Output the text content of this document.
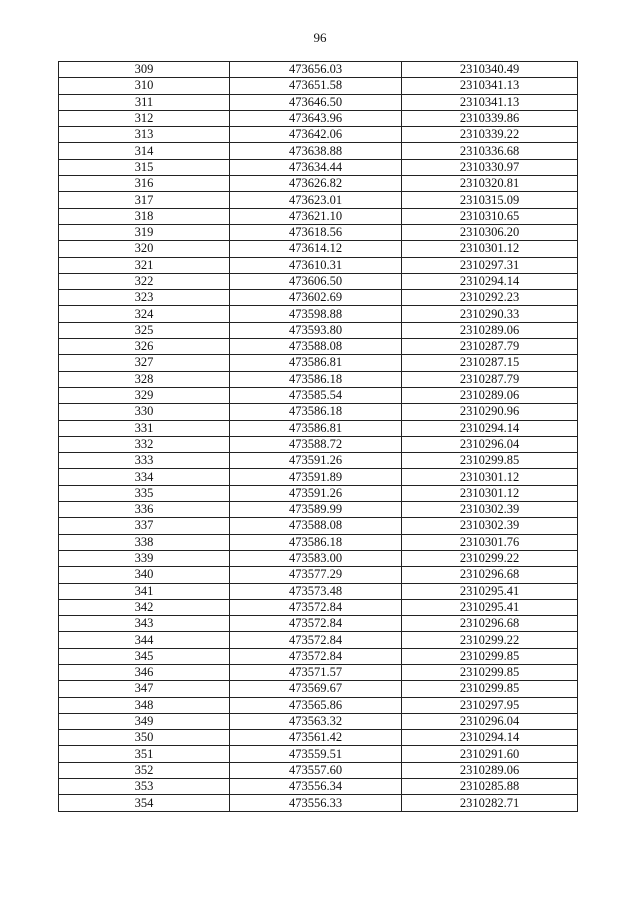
96
309	473656.03	2310340.49
310	473651.58	2310341.13
311	473646.50	2310341.13
312	473643.96	2310339.86
313	473642.06	2310339.22
314	473638.88	2310336.68
315	473634.44	2310330.97
316	473626.82	2310320.81
317	473623.01	2310315.09
318	473621.10	2310310.65
319	473618.56	2310306.20
320	473614.12	2310301.12
321	473610.31	2310297.31
322	473606.50	2310294.14
323	473602.69	2310292.23
324	473598.88	2310290.33
325	473593.80	2310289.06
326	473588.08	2310287.79
327	473586.81	2310287.15
328	473586.18	2310287.79
329	473585.54	2310289.06
330	473586.18	2310290.96
331	473586.81	2310294.14
332	473588.72	2310296.04
333	473591.26	2310299.85
334	473591.89	2310301.12
335	473591.26	2310301.12
336	473589.99	2310302.39
337	473588.08	2310302.39
338	473586.18	2310301.76
339	473583.00	2310299.22
340	473577.29	2310296.68
341	473573.48	2310295.41
342	473572.84	2310295.41
343	473572.84	2310296.68
344	473572.84	2310299.22
345	473572.84	2310299.85
346	473571.57	2310299.85
347	473569.67	2310299.85
348	473565.86	2310297.95
349	473563.32	2310296.04
350	473561.42	2310294.14
351	473559.51	2310291.60
352	473557.60	2310289.06
353	473556.34	2310285.88
354	473556.33	2310282.71
